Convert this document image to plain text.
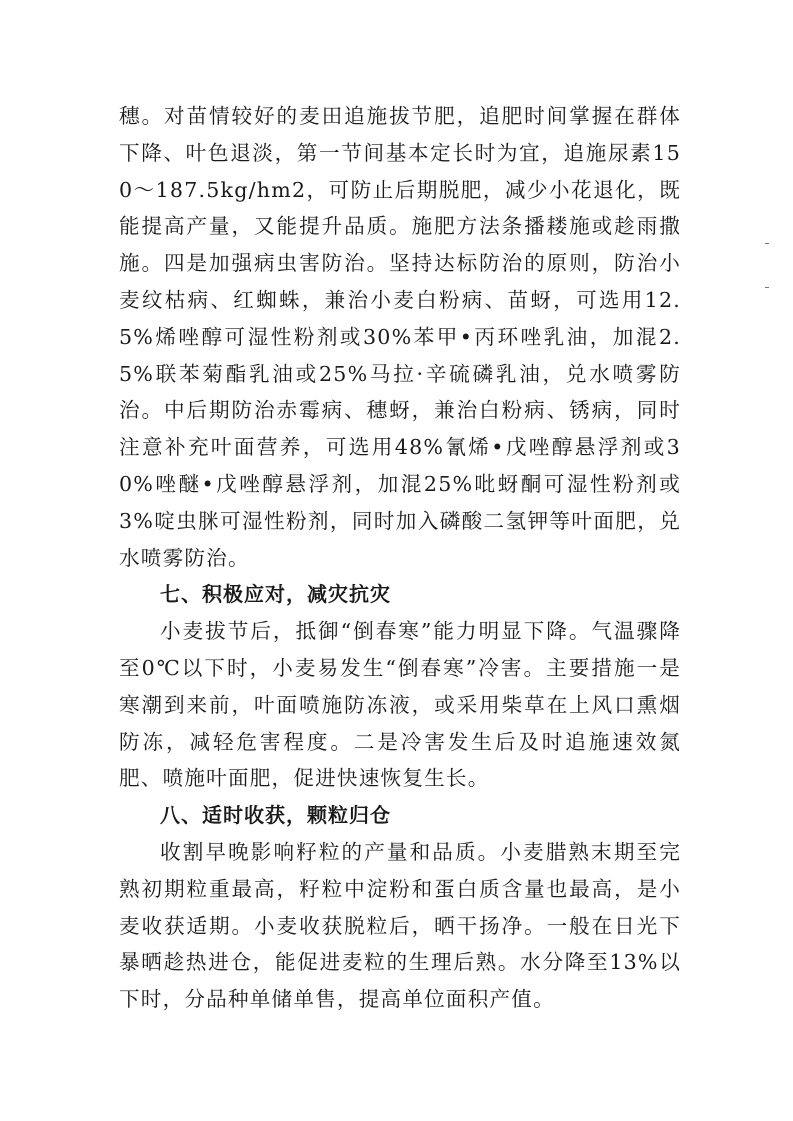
穗。对苗情较好的麦田追施拔节肥，追肥时间掌握在群体下降、叶色退淡，第一节间基本定长时为宜，追施尿素150～187.5kg/hm2，可防止后期脱肥，减少小花退化，既能提高产量，又能提升品质。施肥方法条播耧施或趁雨撒施。四是加强病虫害防治。坚持达标防治的原则，防治小麦纹枯病、红蜘蛛，兼治小麦白粉病、苗蚜，可选用12.5%烯唑醇可湿性粉剂或30%苯甲•丙环唑乳油，加混2.5%联苯菊酯乳油或25%马拉·辛硫磷乳油，兑水喷雾防治。中后期防治赤霉病、穗蚜，兼治白粉病、锈病，同时注意补充叶面营养，可选用48%氰烯•戊唑醇悬浮剂或30%唑醚•戊唑醇悬浮剂，加混25%吡蚜酮可湿性粉剂或3%啶虫脒可湿性粉剂，同时加入磷酸二氢钾等叶面肥，兑水喷雾防治。

七、积极应对，减灾抗灾

小麦拔节后，抵御“倒春寒”能力明显下降。气温骤降至0℃以下时，小麦易发生“倒春寒”冷害。主要措施一是寒潮到来前，叶面喷施防冻液，或采用柴草在上风口熏烟防冻，减轻危害程度。二是冷害发生后及时追施速效氮肥、喷施叶面肥，促进快速恢复生长。

八、适时收获，颗粒归仓

收割早晚影响籽粒的产量和品质。小麦腊熟末期至完熟初期粒重最高，籽粒中淀粉和蛋白质含量也最高，是小麦收获适期。小麦收获脱粒后，晒干扬净。一般在日光下暴晒趁热进仓，能促进麦粒的生理后熟。水分降至13%以下时，分品种单储单售，提高单位面积产值。
